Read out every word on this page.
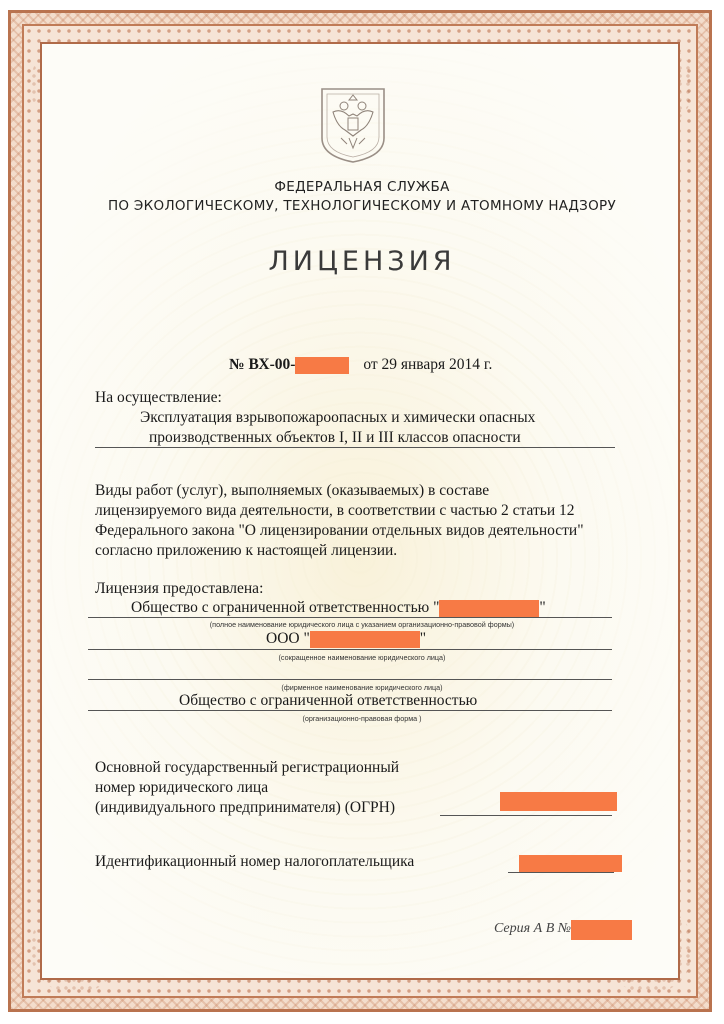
ФЕДЕРАЛЬНАЯ СЛУЖБА
ПО ЭКОЛОГИЧЕСКОМУ, ТЕХНОЛОГИЧЕСКОМУ И АТОМНОМУ НАДЗОРУ
ЛИЦЕНЗИЯ
№ ВХ-00-	от 29 января 2014 г.
На осуществление:
Эксплуатация взрывопожароопасных и химически опасных
производственных объектов I, II и III классов опасности
Виды работ (услуг), выполняемых (оказываемых) в составе
лицензируемого вида деятельности, в соответствии с частью 2 статьи 12
Федерального закона "О лицензировании отдельных видов деятельности"
согласно приложению к настоящей лицензии.
Лицензия предоставлена:
Общество с ограниченной ответственностью "	"
(полное наименование юридического лица с указанием организационно-правовой формы)
ООО "	"
(сокращенное наименование юридического лица)
(фирменное наименование юридического лица)
Общество с ограниченной ответственностью
(организационно-правовая форма )
Основной государственный регистрационный
номер юридического лица
(индивидуального предпринимателя) (ОГРН)
Идентификационный номер налогоплательщика
Серия А В №
